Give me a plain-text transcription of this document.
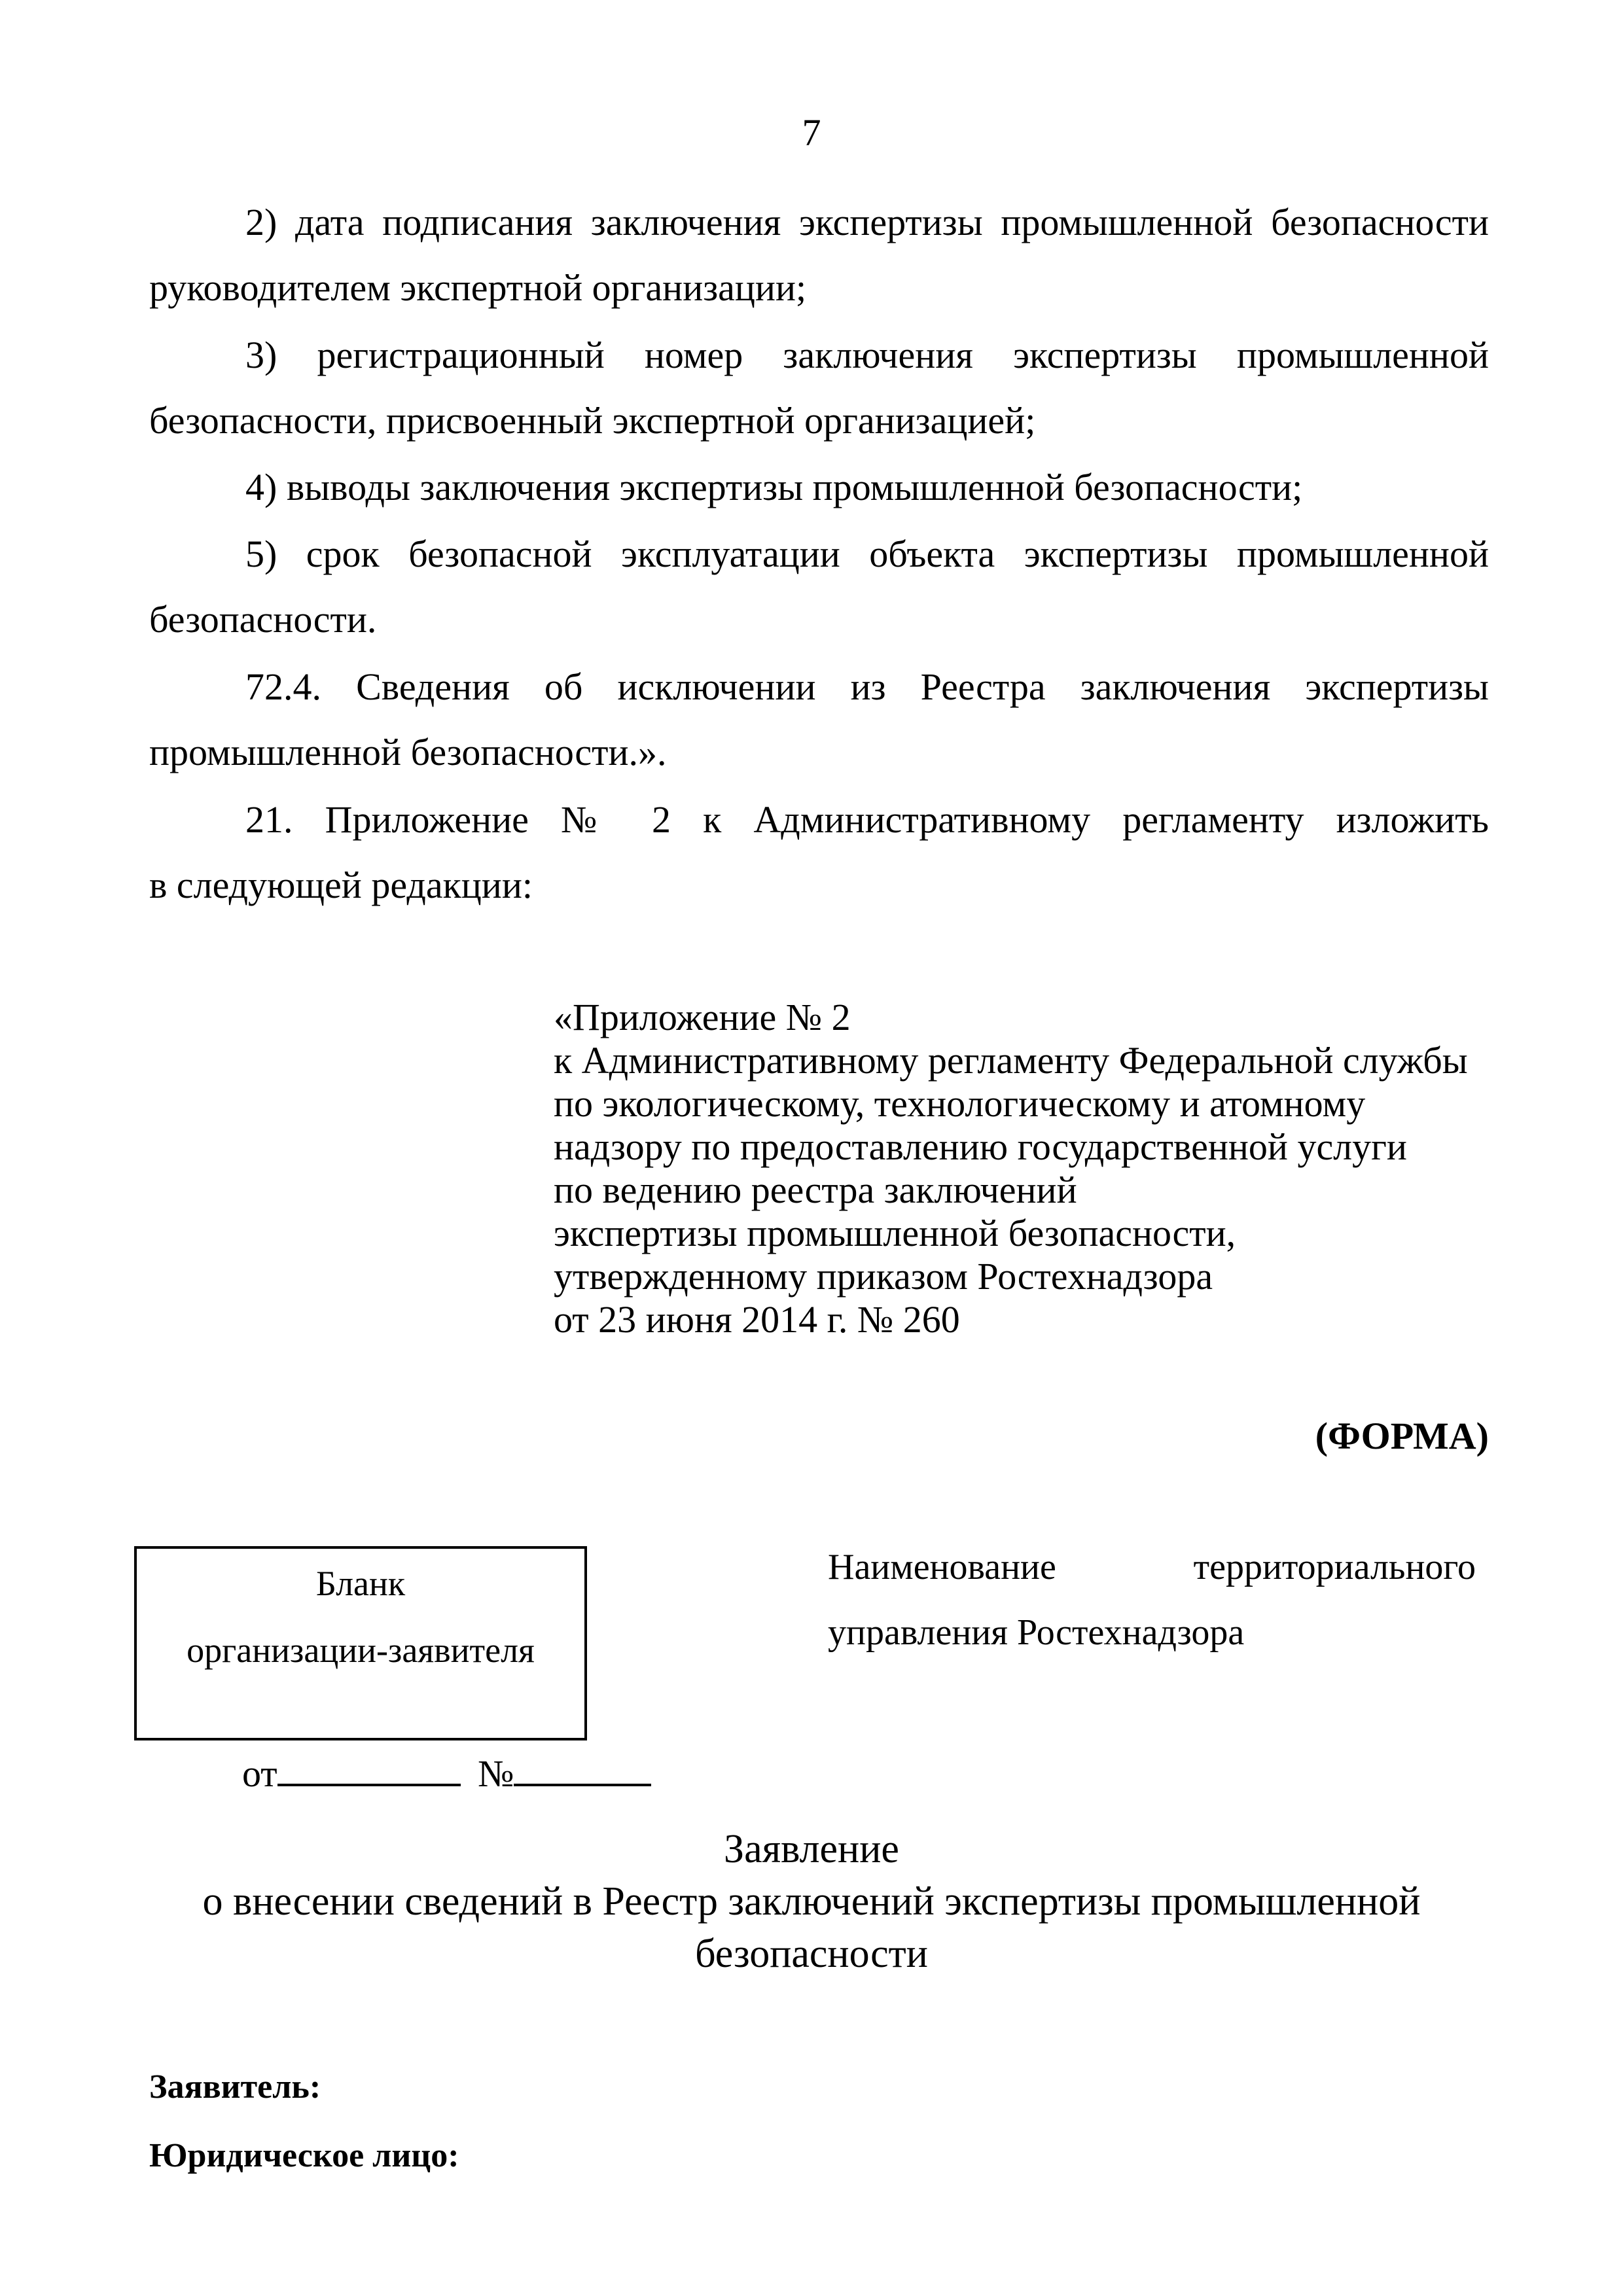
7
2) дата подписания заключения экспертизы промышленной безопасности
руководителем экспертной организации;
3) регистрационный номер заключения экспертизы промышленной
безопасности, присвоенный экспертной организацией;
4) выводы заключения экспертизы промышленной безопасности;
5) срок безопасной эксплуатации объекта экспертизы промышленной
безопасности.
72.4. Сведения об исключении из Реестра заключения экспертизы
промышленной безопасности.».
21. Приложение № 2 к Административному регламенту изложить
в следующей редакции:
«Приложение № 2
к Административному регламенту Федеральной службы
по экологическому, технологическому и атомному
надзору по предоставлению государственной услуги
по ведению реестра заключений
экспертизы промышленной безопасности,
утвержденному приказом Ростехнадзора
от 23 июня 2014 г. № 260
(ФОРМА)
Бланк
организации-заявителя
Наименование	территориального
управления Ростехнадзора
от	№
Заявление
о внесении сведений в Реестр заключений экспертизы промышленной
безопасности
Заявитель:
Юридическое лицо:
